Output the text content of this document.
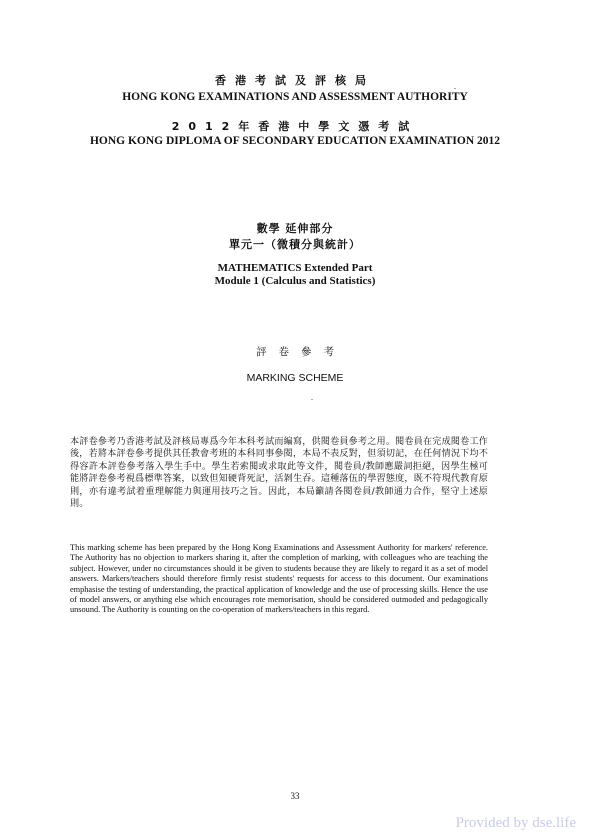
香港考試及評核局	.
HONG KONG EXAMINATIONS AND ASSESSMENT AUTHORITY
2012年香港中學文憑考試
HONG KONG DIPLOMA OF SECONDARY EDUCATION EXAMINATION 2012
數學 延伸部分
單元一（微積分與統計）
MATHEMATICS Extended Part
Module 1 (Calculus and Statistics)
評卷參考
MARKING SCHEME
.
本評卷參考乃香港考試及評核局專爲今年本科考試而編寫，供閱卷員參考之用。閱卷員在完成閱卷工作後，若將本評卷參考提供其任教會考班的本科同事參閱，本局不表反對，但須切記，在任何情況下均不得容許本評卷參考落入學生手中。學生若索閱或求取此等文件，閱卷員/教師應嚴詞拒絕，因學生極可能將評卷參考視爲標準答案，以致但知硬背死記，活剝生吞。這種落伍的學習態度，既不符現代教育原則，亦有違考試着重理解能力與運用技巧之旨。因此，本局籲請各閱卷員/教師通力合作，堅守上述原則。
This marking scheme has been prepared by the Hong Kong Examinations and Assessment Authority for markers' reference. The Authority has no objection to markers sharing it, after the completion of marking, with colleagues who are teaching the subject. However, under no circumstances should it be given to students because they are likely to regard it as a set of model answers. Markers/teachers should therefore firmly resist students' requests for access to this document. Our examinations emphasise the testing of understanding, the practical application of knowledge and the use of processing skills. Hence the use of model answers, or anything else which encourages rote memorisation, should be considered outmoded and pedagogically unsound. The Authority is counting on the co-operation of markers/teachers in this regard.
33
Provided by dse.life
